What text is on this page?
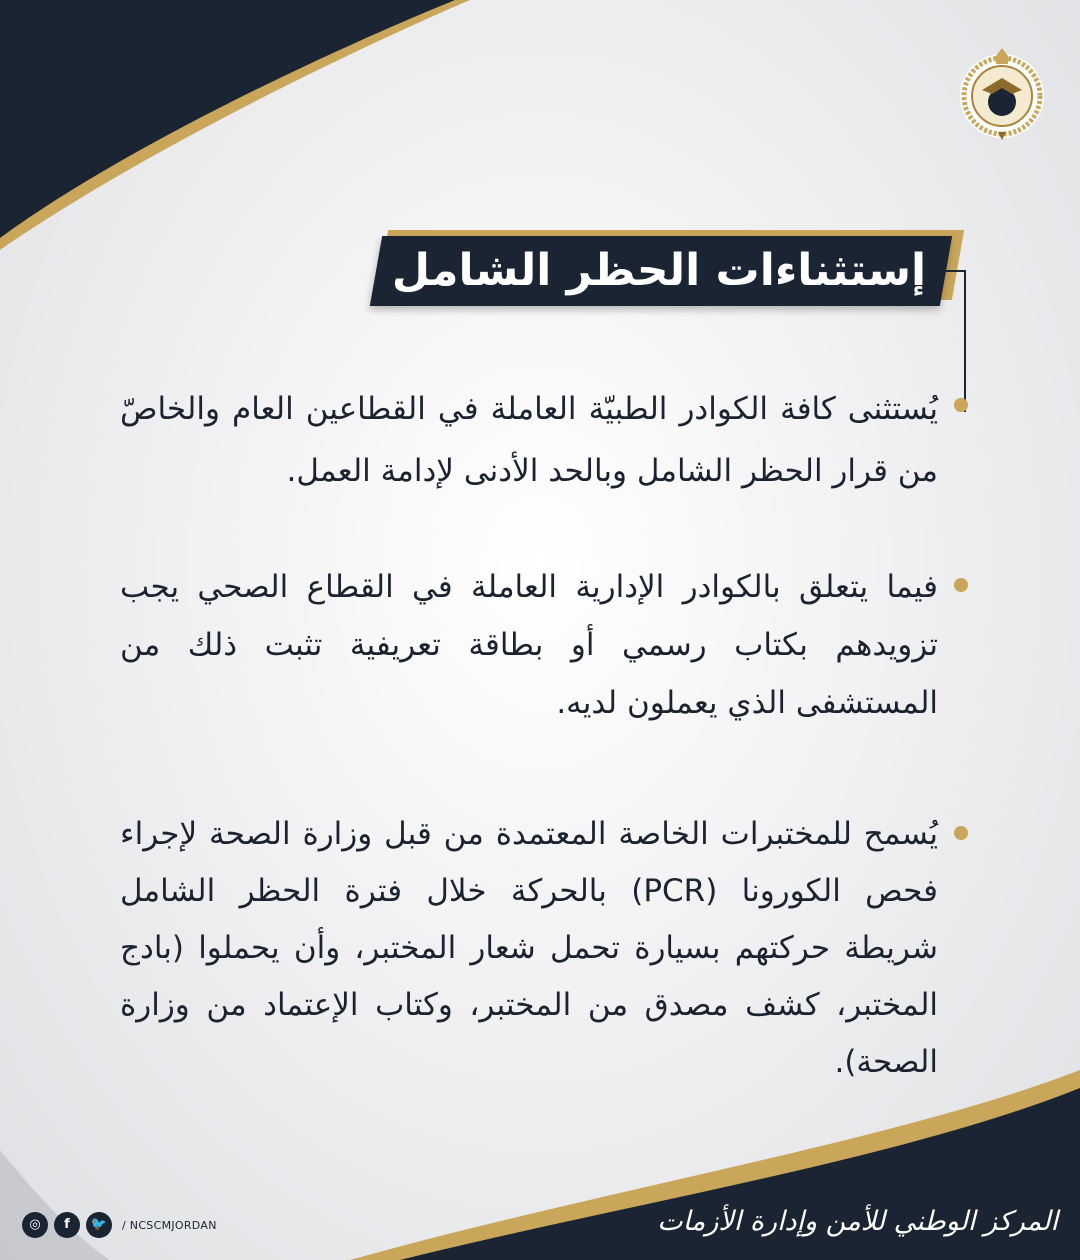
إستثناءات الحظر الشامل
يُستثنى كافة الكوادر الطبيّة العاملة في القطاعين العام والخاصّ من قرار الحظر الشامل وبالحد الأدنى لإدامة العمل.
فيما يتعلق بالكوادر الإدارية العاملة في القطاع الصحي يجب تزويدهم بكتاب رسمي أو بطاقة تعريفية تثبت ذلك من المستشفى الذي يعملون لديه.
يُسمح للمختبرات الخاصة المعتمدة من قبل وزارة الصحة لإجراء فحص الكورونا (PCR) بالحركة خلال فترة الحظر الشامل شريطة حركتهم بسيارة تحمل شعار المختبر، وأن يحملوا (بادج المختبر، كشف مصدق من المختبر، وكتاب الإعتماد من وزارة الصحة).
◎	f	🐦	/ NCSCMJORDAN	المركز الوطني للأمن وإدارة الأزمات
